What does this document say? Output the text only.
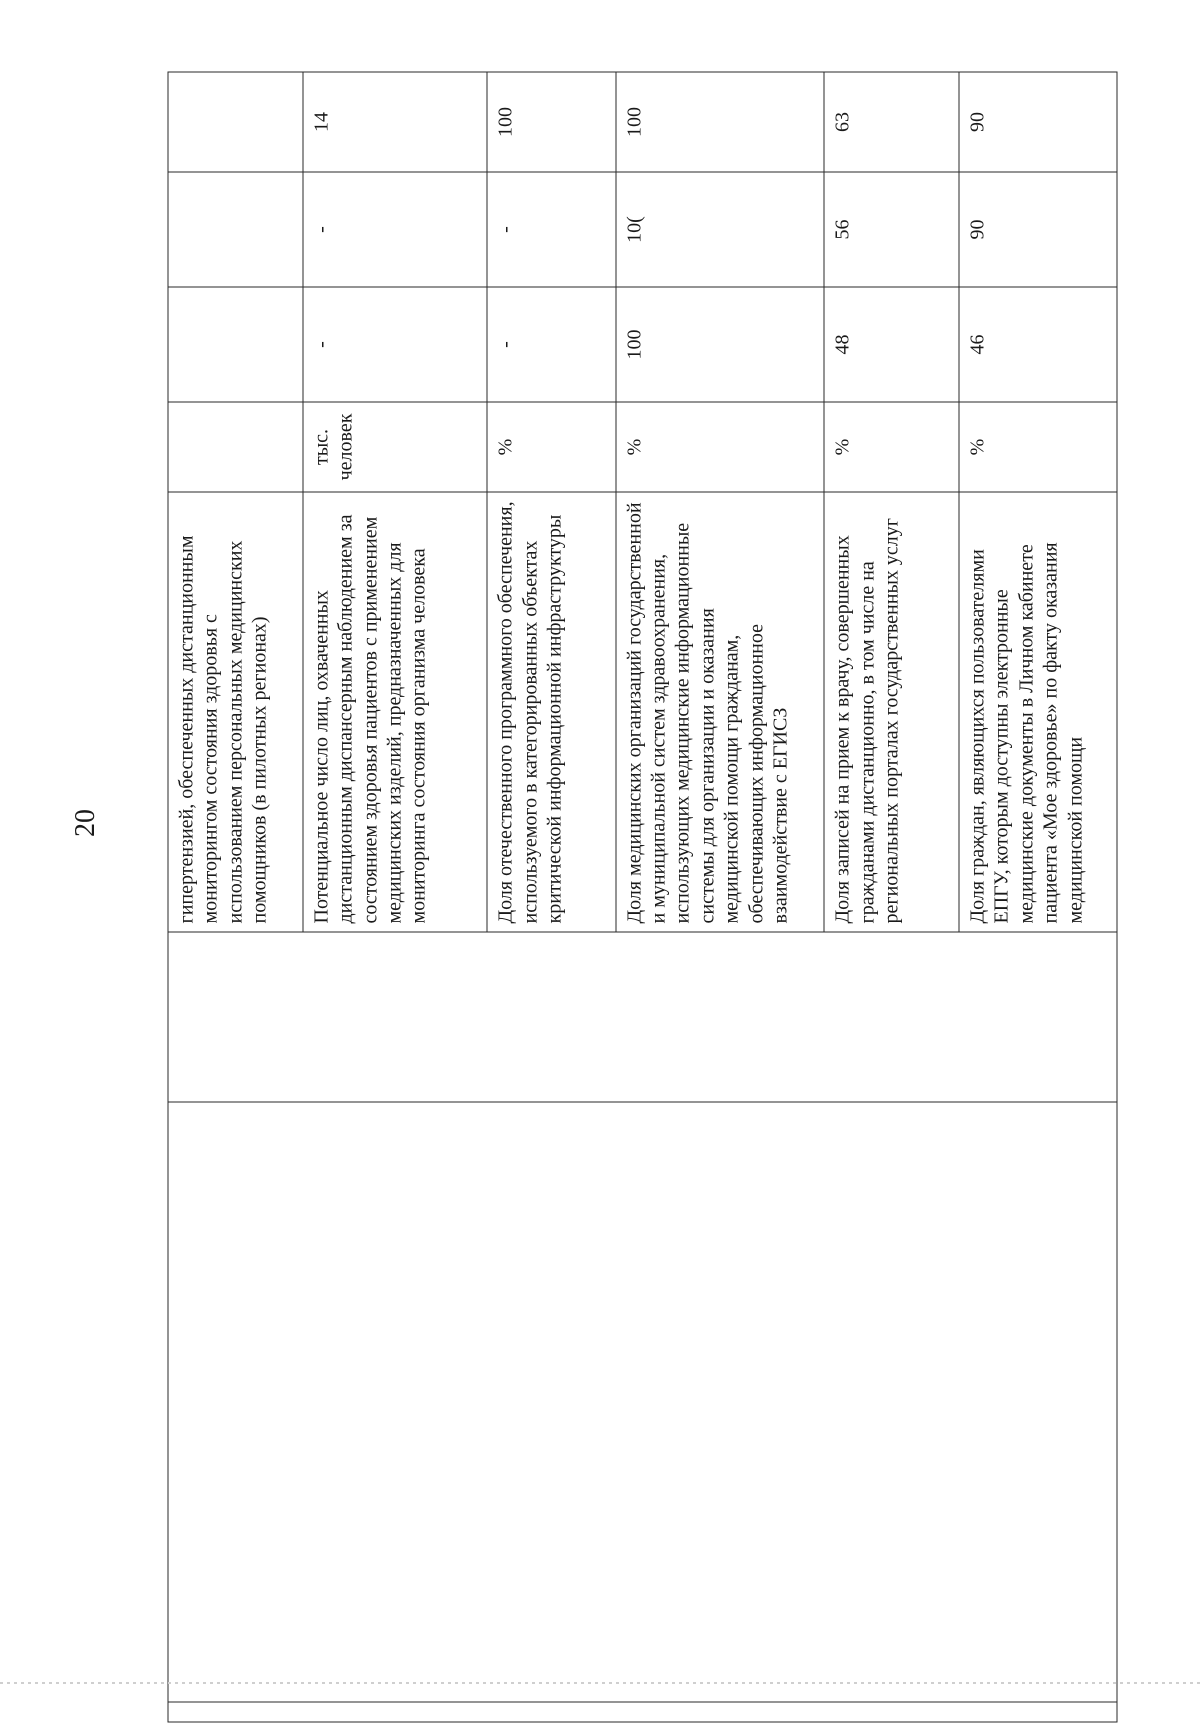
20
				гипертензией, обеспеченных дистанционным мониторингом состояния здоровья с использованием персональных медицинских помощников (в пилотных регионах)				
			Потенциальное число лиц, охваченных дистанционным диспансерным наблюдением за состоянием здоровья пациентов с применением медицинских изделий, предназначенных для мониторинга состояния организма человека	тыс. человек	-	-	14
			Доля отечественного программного обеспечения, используемого в категорированных объектах критической информационной инфраструктуры	%	-	-	100
			Доля медицинских организаций государственной и муниципальной систем здравоохранения, использующих медицинские информационные системы для организации и оказания медицинской помощи гражданам, обеспечивающих информационное взаимодействие с ЕГИСЗ	%	100	10(	100
			Доля записей на прием к врачу, совершенных гражданами дистанционно, в том числе на региональных порталах государственных услуг	%	48	56	63
			Доля граждан, являющихся пользователями ЕПГУ, которым доступны электронные медицинские документы в Личном кабинете пациента «Мое здоровье» по факту оказания медицинской помощи	%	46	90	90
